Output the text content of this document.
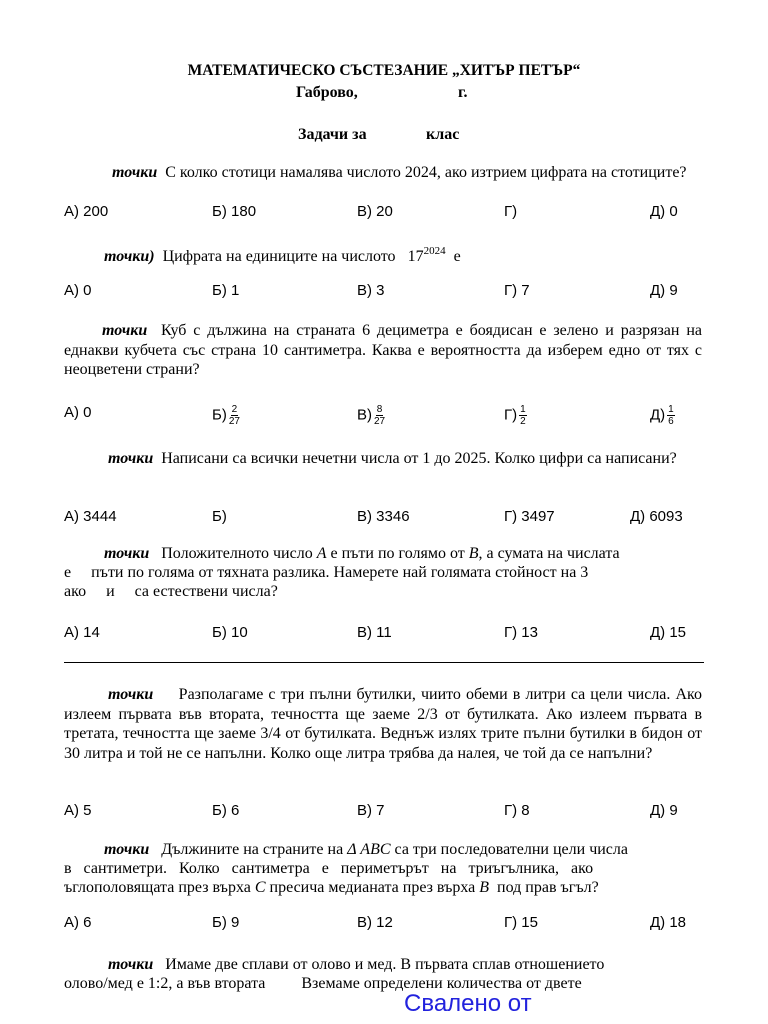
МАТЕМАТИЧЕСКО СЪСТЕЗАНИЕ „ХИТЪР ПЕТЪР“
Габрово,	г.
Задачи за	клас
точки С колко стотици намалява числото 2024, ако изтрием цифрата на стотиците?
А) 200	Б) 180	В) 20	Г)	Д) 0
точки) Цифрата на единиците на числото $17^{2024}$ е
А) 0	Б) 1	В) 3	Г) 7	Д) 9
точки Куб с дължина на страната 6 дециметра е боядисан е зелено и разрязан на еднакви кубчета със страна 10 сантиметра. Каква е вероятността да изберем едно от тях с неоцветени страни?
А) 0	$Б) \frac{2}{27}$	$В) \frac{8}{27}$	$Г) \frac{1}{2}$	$Д) \frac{1}{6}$
точки Написани са всички нечетни числа от 1 до 2025. Колко цифри са написани?
А) 3444	Б)	В) 3346	Г) 3497	Д) 6093
точки Положителното число A е пъти по голямо от B, а сумата на числата
е     пъти по голяма от тяхната разлика. Намерете най голямата стойност на 3
ако     и     са естествени числа?
А) 14	Б) 10	В) 11	Г) 13	Д) 15
точки Разполагаме с три пълни бутилки, чиито обеми в литри са цели числа. Ако излеем първата във втората, течността ще заеме 2/3 от бутилката. Ако излеем първата в третата, течността ще заеме 3/4 от бутилката. Веднъж излях трите пълни бутилки в бидон от 30 литра и той не се напълни. Колко още литра трябва да налея, че той да се напълни?
А) 5	Б) 6	В) 7	Г) 8	Д) 9
точки Дължините на страните на Δ ABC са три последователни цели числа
в   сантиметри.   Колко   сантиметра   е   периметърът   на   триъгълника,   ако
ъглополовящата през върха C пресича медианата през върха B под прав ъгъл?
А) 6	Б) 9	В) 12	Г) 15	Д) 18
точки Имаме две сплави от олово и мед. В първата сплав отношението
олово/мед е 1:2, а във втората         Вземаме определени количества от двете
Свалено от
